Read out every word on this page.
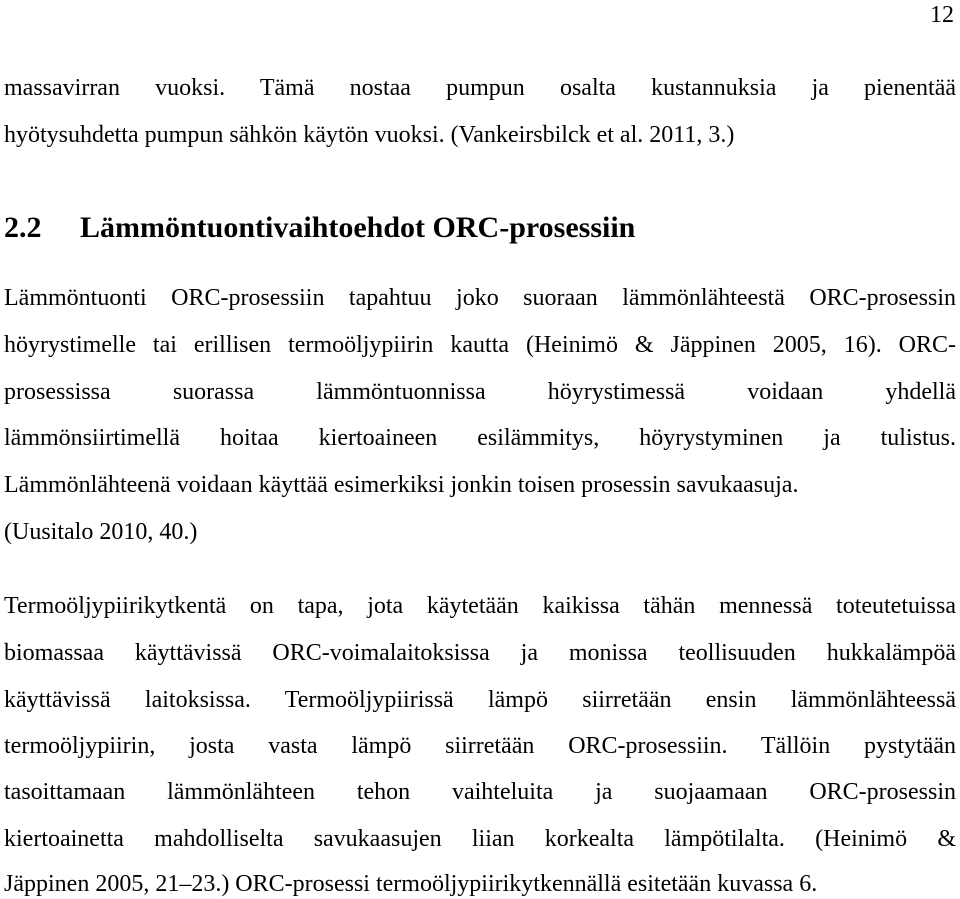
12
massavirran vuoksi. Tämä nostaa pumpun osalta kustannuksia ja pienentää
hyötysuhdetta pumpun sähkön käytön vuoksi. (Vankeirsbilck et al. 2011, 3.)
2.2 Lämmöntuontivaihtoehdot ORC-prosessiin
Lämmöntuonti ORC-prosessiin tapahtuu joko suoraan lämmönlähteestä ORC-prosessin
höyrystimelle tai erillisen termoöljypiirin kautta (Heinimö & Jäppinen 2005, 16). ORC-
prosessissa suorassa lämmöntuonnissa höyrystimessä voidaan yhdellä
lämmönsiirtimellä hoitaa kiertoaineen esilämmitys, höyrystyminen ja tulistus.
Lämmönlähteenä voidaan käyttää esimerkiksi jonkin toisen prosessin savukaasuja.
(Uusitalo 2010, 40.)
Termoöljypiirikytkentä on tapa, jota käytetään kaikissa tähän mennessä toteutetuissa
biomassaa käyttävissä ORC-voimalaitoksissa ja monissa teollisuuden hukkalämpöä
käyttävissä laitoksissa. Termoöljypiirissä lämpö siirretään ensin lämmönlähteessä
termoöljypiirin, josta vasta lämpö siirretään ORC-prosessiin. Tällöin pystytään
tasoittamaan lämmönlähteen tehon vaihteluita ja suojaamaan ORC-prosessin
kiertoainetta mahdolliselta savukaasujen liian korkealta lämpötilalta. (Heinimö &
Jäppinen 2005, 21–23.) ORC-prosessi termoöljypiirikytkennällä esitetään kuvassa 6.
